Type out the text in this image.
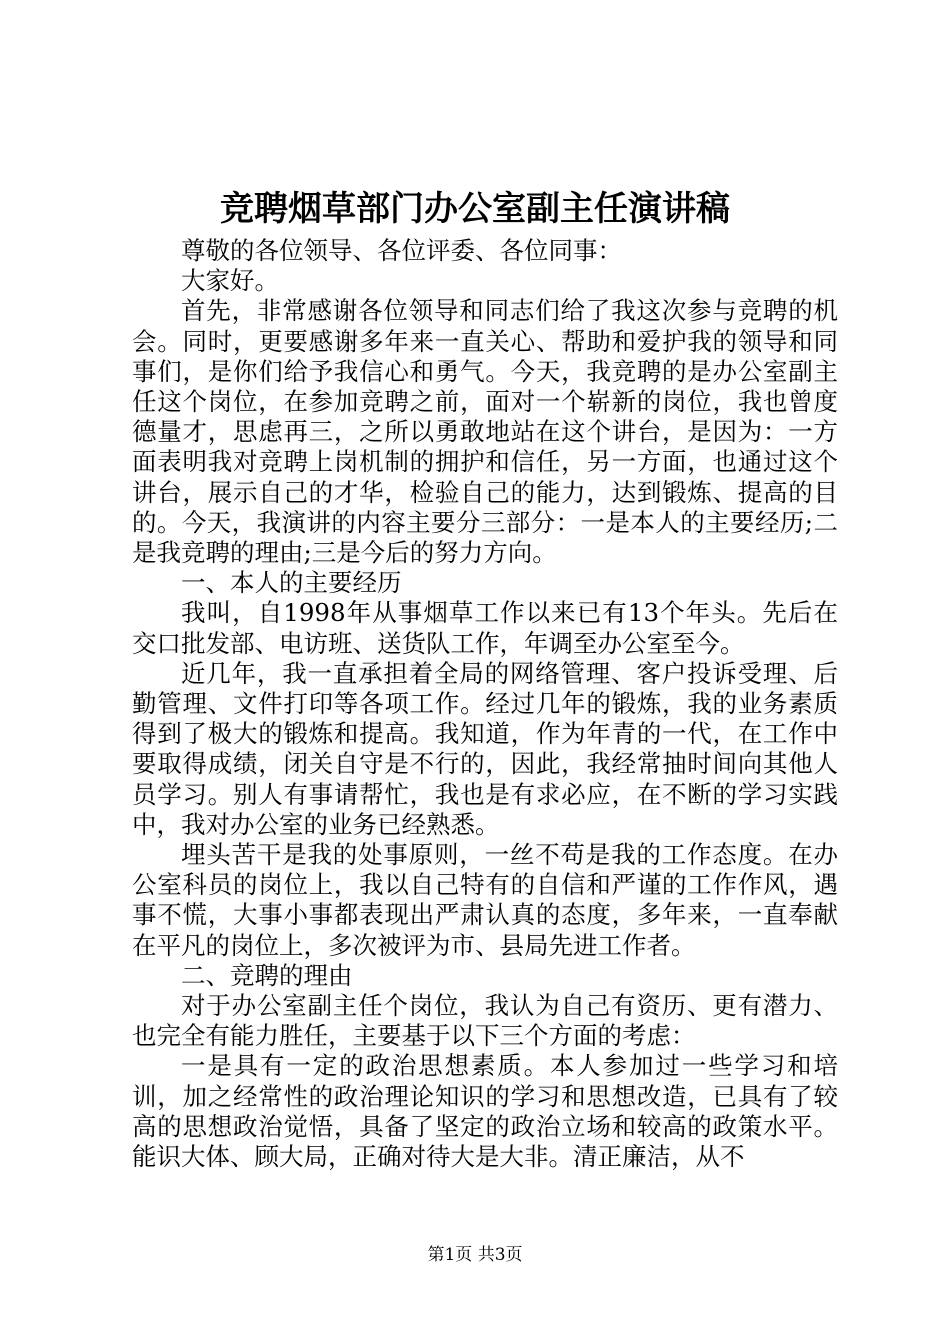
竞聘烟草部门办公室副主任演讲稿

尊敬的各位领导、各位评委、各位同事：

大家好。

首先，非常感谢各位领导和同志们给了我这次参与竞聘的机会。同时，更要感谢多年来一直关心、帮助和爱护我的领导和同事们，是你们给予我信心和勇气。今天，我竞聘的是办公室副主任这个岗位，在参加竞聘之前，面对一个崭新的岗位，我也曾度德量才，思虑再三，之所以勇敢地站在这个讲台，是因为：一方面表明我对竞聘上岗机制的拥护和信任，另一方面，也通过这个讲台，展示自己的才华，检验自己的能力，达到锻炼、提高的目的。今天，我演讲的内容主要分三部分：一是本人的主要经历;二是我竞聘的理由;三是今后的努力方向。

一、本人的主要经历

我叫，自1998年从事烟草工作以来已有13个年头。先后在交口批发部、电访班、送货队工作，年调至办公室至今。

近几年，我一直承担着全局的网络管理、客户投诉受理、后勤管理、文件打印等各项工作。经过几年的锻炼，我的业务素质得到了极大的锻炼和提高。我知道，作为年青的一代，在工作中要取得成绩，闭关自守是不行的，因此，我经常抽时间向其他人员学习。别人有事请帮忙，我也是有求必应，在不断的学习实践中，我对办公室的业务已经熟悉。

埋头苦干是我的处事原则，一丝不苟是我的工作态度。在办公室科员的岗位上，我以自己特有的自信和严谨的工作作风，遇事不慌，大事小事都表现出严肃认真的态度，多年来，一直奉献在平凡的岗位上，多次被评为市、县局先进工作者。

二、竞聘的理由

对于办公室副主任个岗位，我认为自己有资历、更有潜力、也完全有能力胜任，主要基于以下三个方面的考虑：

一是具有一定的政治思想素质。本人参加过一些学习和培训，加之经常性的政治理论知识的学习和思想改造，已具有了较高的思想政治觉悟，具备了坚定的政治立场和较高的政策水平。能识大体、顾大局，正确对待大是大非。清正廉洁，从不

第1页 共3页
